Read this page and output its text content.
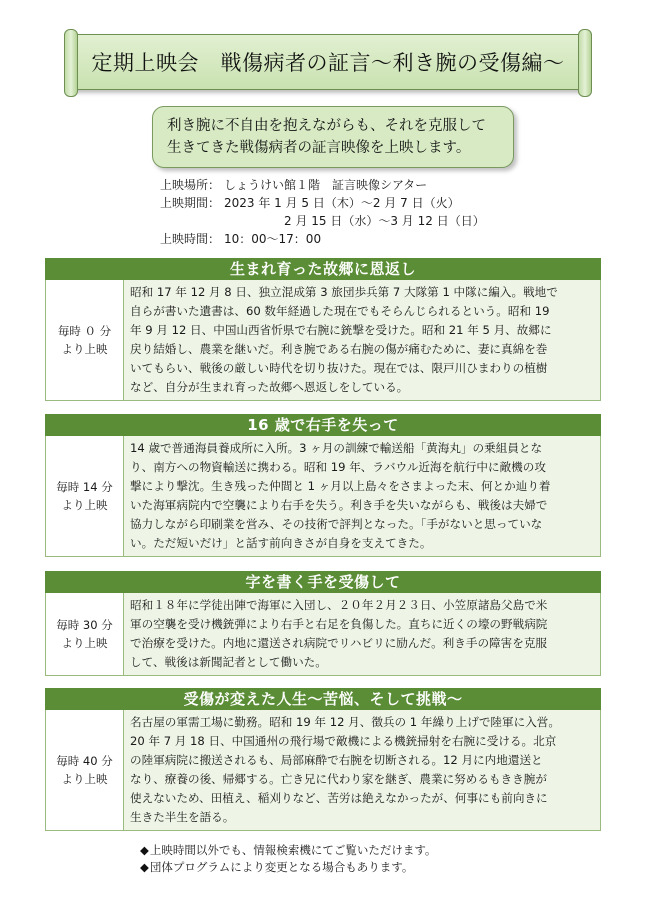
定期上映会　戦傷病者の証言〜利き腕の受傷編〜
利き腕に不自由を抱えながらも、それを克服して
生きてきた戦傷病者の証言映像を上映します。
上映場所： しょうけい館１階　証言映像シアター
上映期間： 2023 年 1 月 5 日（木）〜2 月 7 日（火）
2 月 15 日（水）〜3 月 12 日（日）
上映時間： 10：00〜17：00
生まれ育った故郷に恩返し
毎時 ０ 分
より上映
昭和 17 年 12 月 8 日、独立混成第 3 旅団歩兵第 7 大隊第 1 中隊に編入。戦地で
自らが書いた遺書は、60 数年経過した現在でもそらんじられるという。昭和 19
年 9 月 12 日、中国山西省忻県で右腕に銃撃を受けた。昭和 21 年 5 月、故郷に
戻り結婚し、農業を継いだ。利き腕である右腕の傷が痛むために、妻に真綿を巻
いてもらい、戦後の厳しい時代を切り抜けた。現在では、限戸川ひまわりの植樹
など、自分が生まれ育った故郷へ恩返しをしている。
16 歳で右手を失って
毎時 14 分
より上映
14 歳で普通海員養成所に入所。3 ヶ月の訓練で輸送船「黄海丸」の乗組員とな
り、南方への物資輸送に携わる。昭和 19 年、ラバウル近海を航行中に敵機の攻
撃により撃沈。生き残った仲間と 1 ヶ月以上島々をさまよった末、何とか辿り着
いた海軍病院内で空襲により右手を失う。利き手を失いながらも、戦後は夫婦で
協力しながら印刷業を営み、その技術で評判となった。「手がないと思っていな
い。ただ短いだけ」と話す前向きさが自身を支えてきた。
字を書く手を受傷して
毎時 30 分
より上映
昭和１８年に学徒出陣で海軍に入団し、２０年２月２３日、小笠原諸島父島で米
軍の空襲を受け機銃弾により右手と右足を負傷した。直ちに近くの壕の野戦病院
で治療を受けた。内地に還送され病院でリハビリに励んだ。利き手の障害を克服
して、戦後は新聞記者として働いた。
受傷が変えた人生〜苦悩、そして挑戦〜
毎時 40 分
より上映
名古屋の軍需工場に勤務。昭和 19 年 12 月、徴兵の 1 年繰り上げで陸軍に入営。
20 年 7 月 18 日、中国通州の飛行場で敵機による機銃掃射を右腕に受ける。北京
の陸軍病院に搬送されるも、局部麻酔で右腕を切断される。12 月に内地還送と
なり、療養の後、帰郷する。亡き兄に代わり家を継ぎ、農業に努めるもきき腕が
使えないため、田植え、稲刈りなど、苦労は絶えなかったが、何事にも前向きに
生きた半生を語る。
◆上映時間以外でも、情報検索機にてご覧いただけます。
◆団体プログラムにより変更となる場合もあります。
